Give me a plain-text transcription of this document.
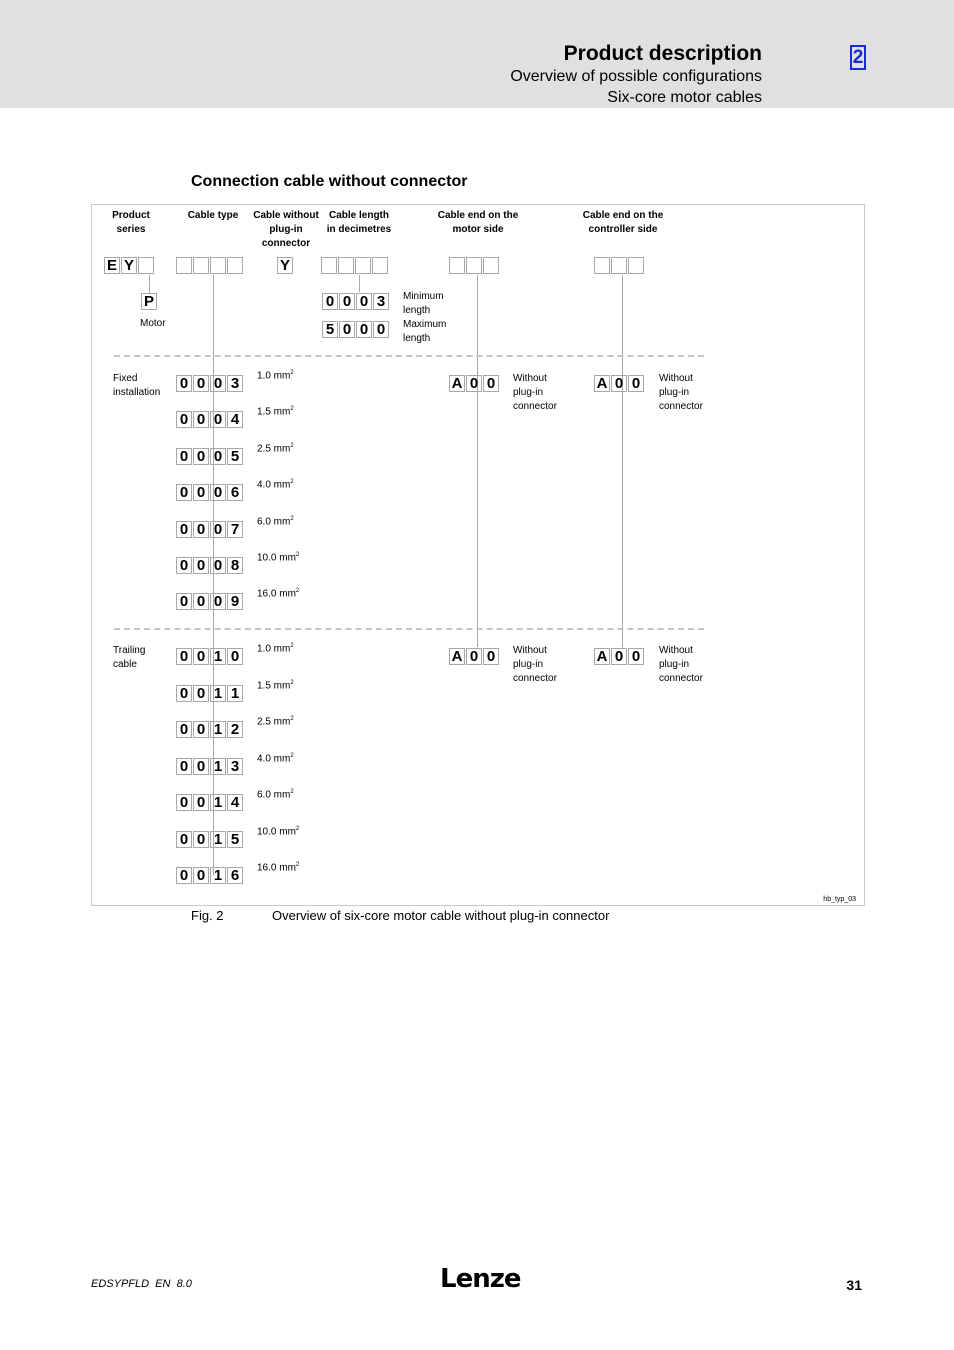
Product description
Overview of possible configurations
Six-core motor cables
2
Connection cable without connector
hb_typ_03
Product
series
Cable type Cable without
plug-in
connector
Cable length
in decimetres
Cable end on the
motor side
Cable end on the
controller side
E Y	Y
P
Motor
0 0 0 3	Minimum
length
5 0 0 0	Maximum
length
Fixed
installation
0 0 0 3	1.0 $mm^2$
0 0 0 4	1.5 $mm^2$
0 0 0 5	2.5 $mm^2$
0 0 0 6	4.0 $mm^2$
0 0 0 7	6.0 $mm^2$
0 0 0 8	10.0 $mm^2$
0 0 0 9	16.0 $mm^2$
A 0 0	Without
plug-in
connector
A 0 0	Without
plug-in
connector
Trailing
cable	0 0 1 0	1.0 $mm^2$
0 0 1 1	1.5 $mm^2$
0 0 1 2	2.5 $mm^2$
0 0 1 3	4.0 $mm^2$
0 0 1 4	6.0 $mm^2$
0 0 1 5	10.0 $mm^2$
0 0 1 6	16.0 $mm^2$
A 0 0	Without
plug-in
connector
A 0 0	Without
plug-in
connector
Fig. 2	Overview of six-core motor cable without plug-in connector
EDSYPFLD  EN  8.0	Lenze	31
